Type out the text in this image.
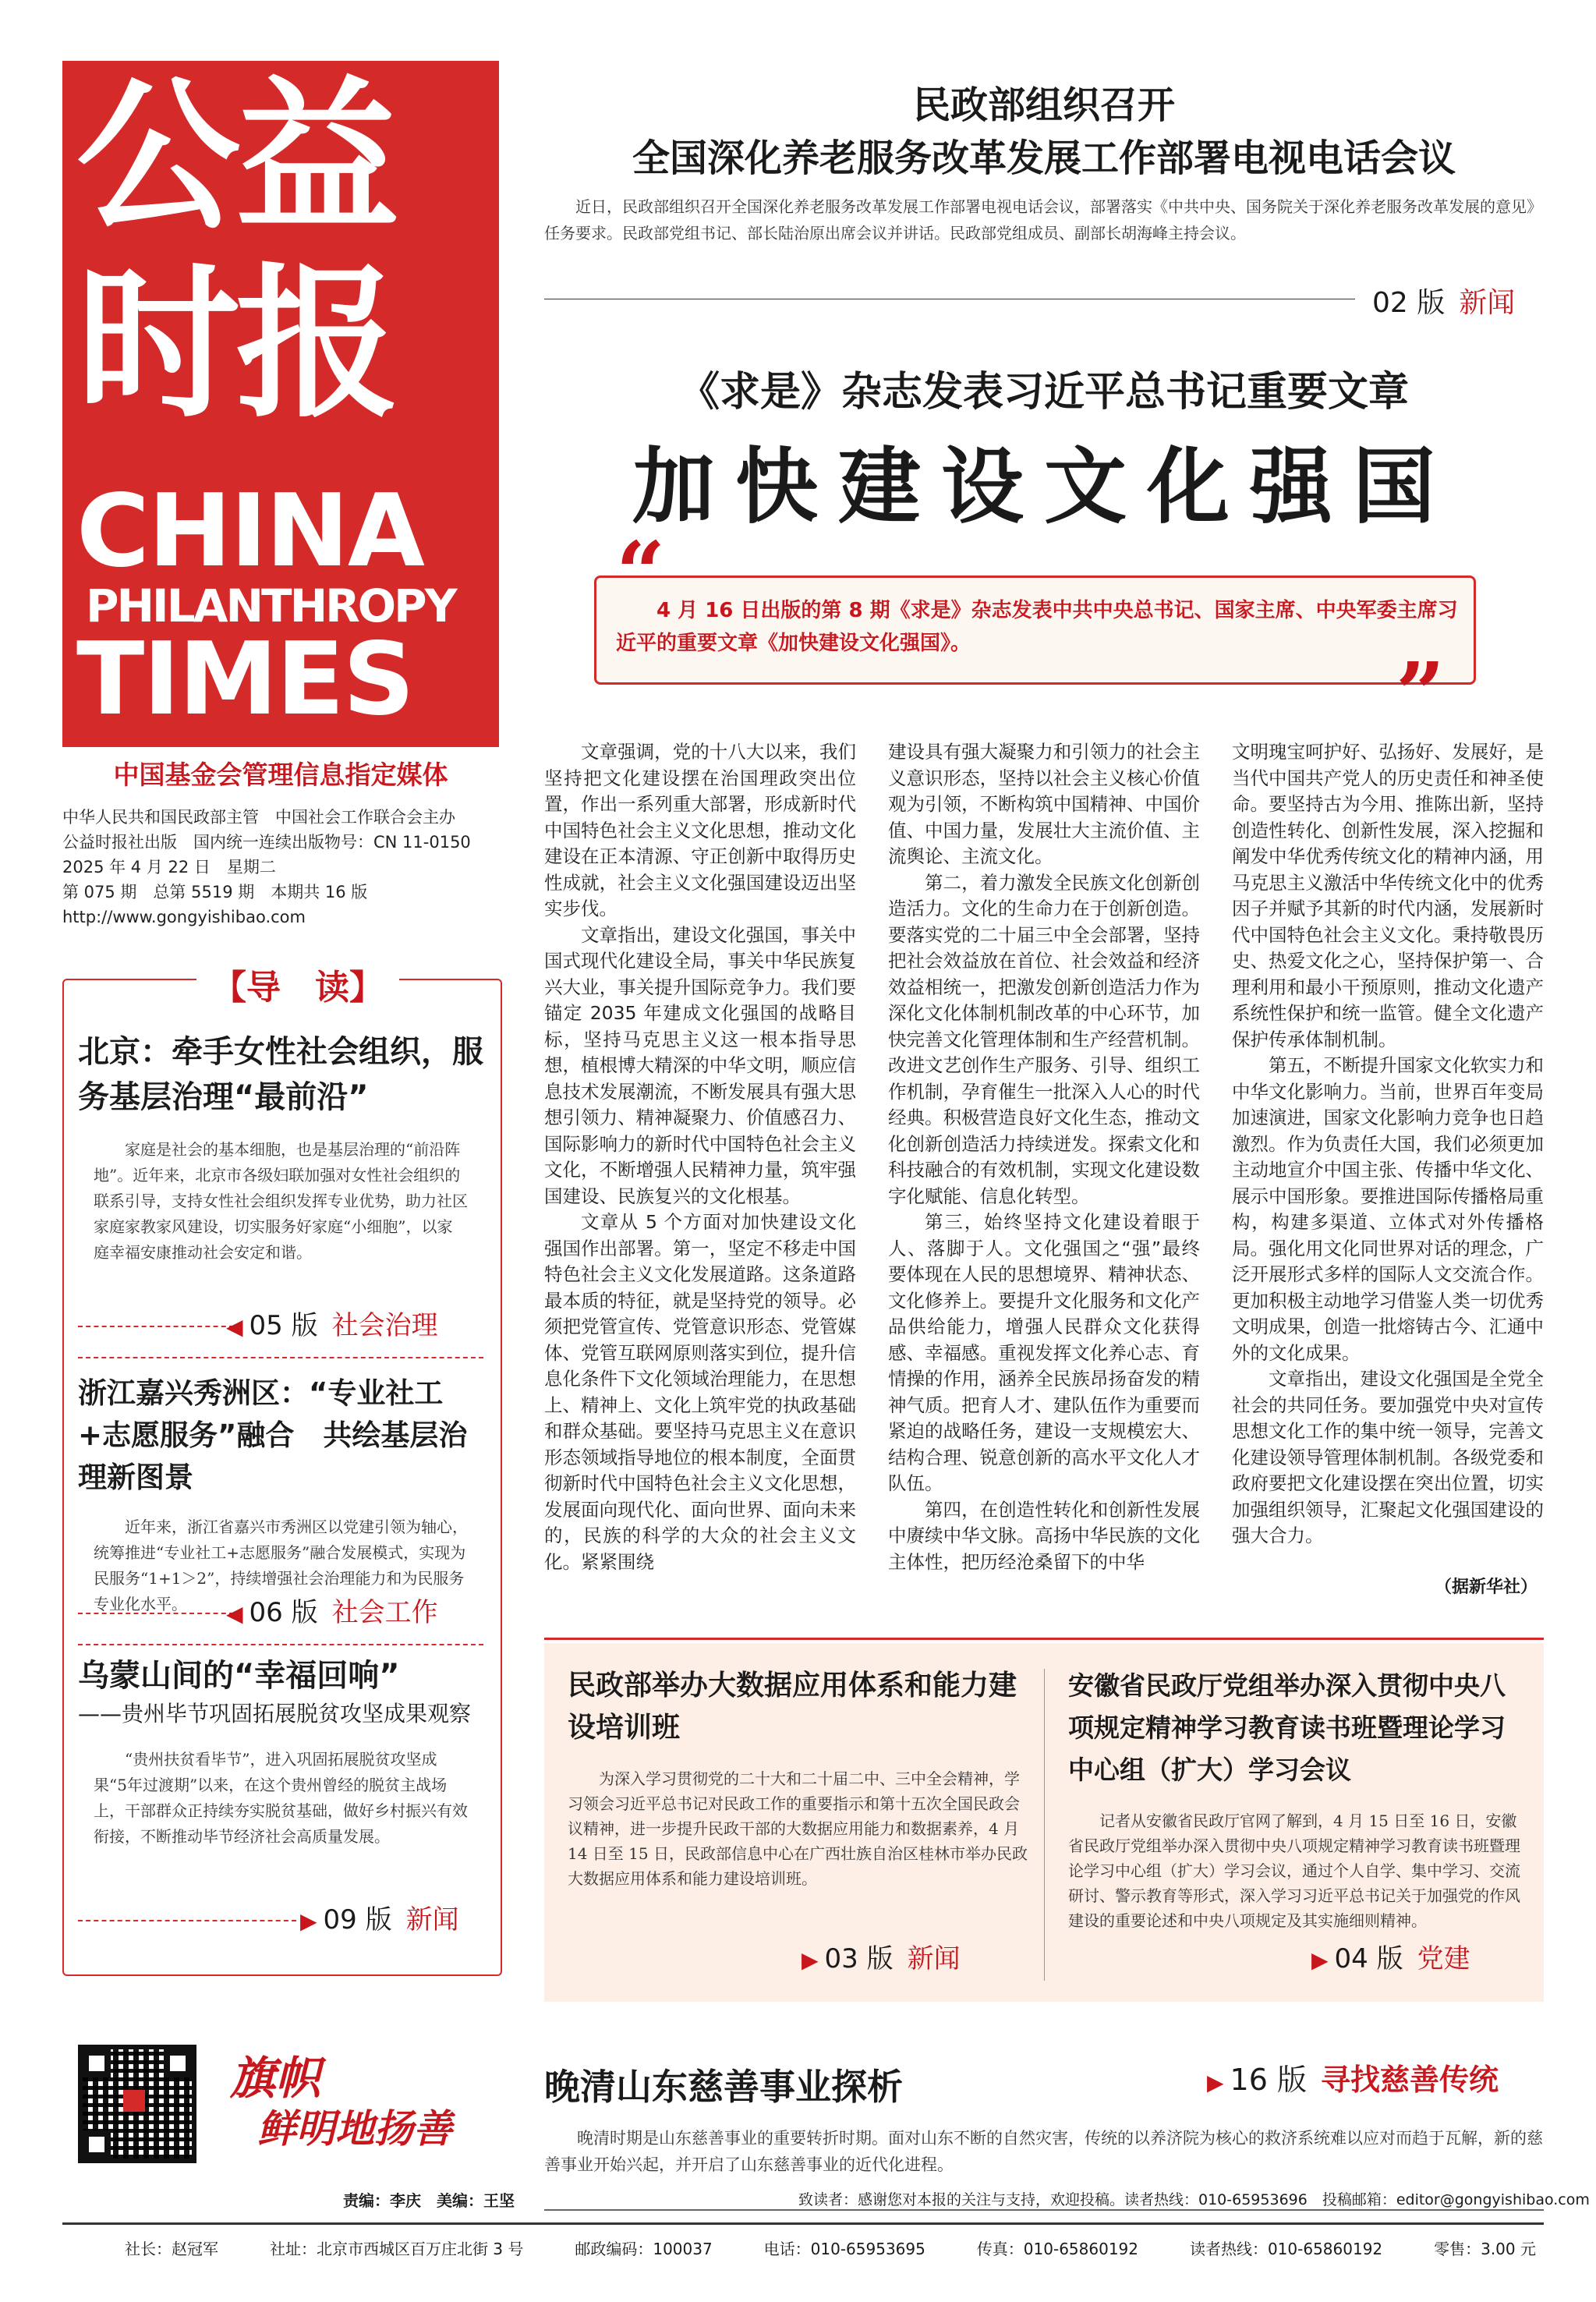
公益
时报
CHINA
PHILANTHROPY
TIMES
中国基金会管理信息指定媒体
中华人民共和国民政部主管　中国社会工作联合会主办
公益时报社出版　国内统一连续出版物号：CN 11-0150
2025 年 4 月 22 日　星期二
第 075 期　总第 5519 期　本期共 16 版
http://www.gongyishibao.com
【导　读】
北京：牵手女性社会组织，服务基层治理“最前沿”
家庭是社会的基本细胞，也是基层治理的“前沿阵地”。近年来，北京市各级妇联加强对女性社会组织的联系引导，支持女性社会组织发挥专业优势，助力社区家庭家教家风建设，切实服务好家庭“小细胞”，以家庭幸福安康推动社会安定和谐。
◀ 05 版 社会治理
浙江嘉兴秀洲区：“专业社工+志愿服务”融合　共绘基层治理新图景
近年来，浙江省嘉兴市秀洲区以党建引领为轴心，统筹推进“专业社工+志愿服务”融合发展模式，实现为民服务“1+1＞2”，持续增强社会治理能力和为民服务专业化水平。	◀ 06 版 社会工作
乌蒙山间的“幸福回响”
——贵州毕节巩固拓展脱贫攻坚成果观察
“贵州扶贫看毕节”，进入巩固拓展脱贫攻坚成果“5年过渡期”以来，在这个贵州曾经的脱贫主战场上，干部群众正持续夯实脱贫基础，做好乡村振兴有效衔接，不断推动毕节经济社会高质量发展。
▶ 09 版 新闻
民政部组织召开
全国深化养老服务改革发展工作部署电视电话会议
近日，民政部组织召开全国深化养老服务改革发展工作部署电视电话会议，部署落实《中共中央、国务院关于深化养老服务改革发展的意见》任务要求。民政部党组书记、部长陆治原出席会议并讲话。民政部党组成员、副部长胡海峰主持会议。
02 版 新闻
《求是》杂志发表习近平总书记重要文章
加快建设文化强国
“
”
4 月 16 日出版的第 8 期《求是》杂志发表中共中央总书记、国家主席、中央军委主席习近平的重要文章《加快建设文化强国》。

文章强调，党的十八大以来，我们坚持把文化建设摆在治国理政突出位置，作出一系列重大部署，形成新时代中国特色社会主义文化思想，推动文化建设在正本清源、守正创新中取得历史性成就，社会主义文化强国建设迈出坚实步伐。

文章指出，建设文化强国，事关中国式现代化建设全局，事关中华民族复兴大业，事关提升国际竞争力。我们要锚定 2035 年建成文化强国的战略目标，坚持马克思主义这一根本指导思想，植根博大精深的中华文明，顺应信息技术发展潮流，不断发展具有强大思想引领力、精神凝聚力、价值感召力、国际影响力的新时代中国特色社会主义文化，不断增强人民精神力量，筑牢强国建设、民族复兴的文化根基。

文章从 5 个方面对加快建设文化强国作出部署。第一，坚定不移走中国特色社会主义文化发展道路。这条道路最本质的特征，就是坚持党的领导。必须把党管宣传、党管意识形态、党管媒体、党管互联网原则落实到位，提升信息化条件下文化领域治理能力，在思想上、精神上、文化上筑牢党的执政基础和群众基础。要坚持马克思主义在意识形态领域指导地位的根本制度，全面贯彻新时代中国特色社会主义文化思想，发展面向现代化、面向世界、面向未来的，民族的科学的大众的社会主义文化。紧紧围绕

建设具有强大凝聚力和引领力的社会主义意识形态，坚持以社会主义核心价值观为引领，不断构筑中国精神、中国价值、中国力量，发展壮大主流价值、主流舆论、主流文化。

第二，着力激发全民族文化创新创造活力。文化的生命力在于创新创造。要落实党的二十届三中全会部署，坚持把社会效益放在首位、社会效益和经济效益相统一，把激发创新创造活力作为深化文化体制机制改革的中心环节，加快完善文化管理体制和生产经营机制。改进文艺创作生产服务、引导、组织工作机制，孕育催生一批深入人心的时代经典。积极营造良好文化生态，推动文化创新创造活力持续迸发。探索文化和科技融合的有效机制，实现文化建设数字化赋能、信息化转型。

第三，始终坚持文化建设着眼于人、落脚于人。文化强国之“强”最终要体现在人民的思想境界、精神状态、文化修养上。要提升文化服务和文化产品供给能力，增强人民群众文化获得感、幸福感。重视发挥文化养心志、育情操的作用，涵养全民族昂扬奋发的精神气质。把育人才、建队伍作为重要而紧迫的战略任务，建设一支规模宏大、结构合理、锐意创新的高水平文化人才队伍。

第四，在创造性转化和创新性发展中赓续中华文脉。高扬中华民族的文化主体性，把历经沧桑留下的中华

文明瑰宝呵护好、弘扬好、发展好，是当代中国共产党人的历史责任和神圣使命。要坚持古为今用、推陈出新，坚持创造性转化、创新性发展，深入挖掘和阐发中华优秀传统文化的精神内涵，用马克思主义激活中华传统文化中的优秀因子并赋予其新的时代内涵，发展新时代中国特色社会主义文化。秉持敬畏历史、热爱文化之心，坚持保护第一、合理利用和最小干预原则，推动文化遗产系统性保护和统一监管。健全文化遗产保护传承体制机制。

第五，不断提升国家文化软实力和中华文化影响力。当前，世界百年变局加速演进，国家文化影响力竞争也日趋激烈。作为负责任大国，我们必须更加主动地宣介中国主张、传播中华文化、展示中国形象。要推进国际传播格局重构，构建多渠道、立体式对外传播格局。强化用文化同世界对话的理念，广泛开展形式多样的国际人文交流合作。更加积极主动地学习借鉴人类一切优秀文明成果，创造一批熔铸古今、汇通中外的文化成果。

文章指出，建设文化强国是全党全社会的共同任务。要加强党中央对宣传思想文化工作的集中统一领导，完善文化建设领导管理体制机制。各级党委和政府要把文化建设摆在突出位置，切实加强组织领导，汇聚起文化强国建设的强大合力。

（据新华社）
民政部举办大数据应用体系和能力建设培训班
为深入学习贯彻党的二十大和二十届二中、三中全会精神，学习领会习近平总书记对民政工作的重要指示和第十五次全国民政会议精神，进一步提升民政干部的大数据应用能力和数据素养，4 月 14 日至 15 日，民政部信息中心在广西壮族自治区桂林市举办民政大数据应用体系和能力建设培训班。
▶ 03 版 新闻
安徽省民政厅党组举办深入贯彻中央八项规定精神学习教育读书班暨理论学习中心组（扩大）学习会议
记者从安徽省民政厅官网了解到，4 月 15 日至 16 日，安徽省民政厅党组举办深入贯彻中央八项规定精神学习教育读书班暨理论学习中心组（扩大）学习会议，通过个人自学、集中学习、交流研讨、警示教育等形式，深入学习习近平总书记关于加强党的作风建设的重要论述和中央八项规定及其实施细则精神。
▶ 04 版 党建
旗帜
鲜明地扬善
晚清山东慈善事业探析	▶ 16 版 寻找慈善传统
晚清时期是山东慈善事业的重要转折时期。面对山东不断的自然灾害，传统的以养济院为核心的救济系统难以应对而趋于瓦解，新的慈善事业开始兴起，并开启了山东慈善事业的近代化进程。
责编：李庆　美编：王坚	致读者：感谢您对本报的关注与支持，欢迎投稿。读者热线：010-65953696　投稿邮箱：editor@gongyishibao.com
社长：赵冠军	社址：北京市西城区百万庄北街 3 号	邮政编码：100037	电话：010-65953695	传真：010-65860192	读者热线：010-65860192	零售：3.00 元
